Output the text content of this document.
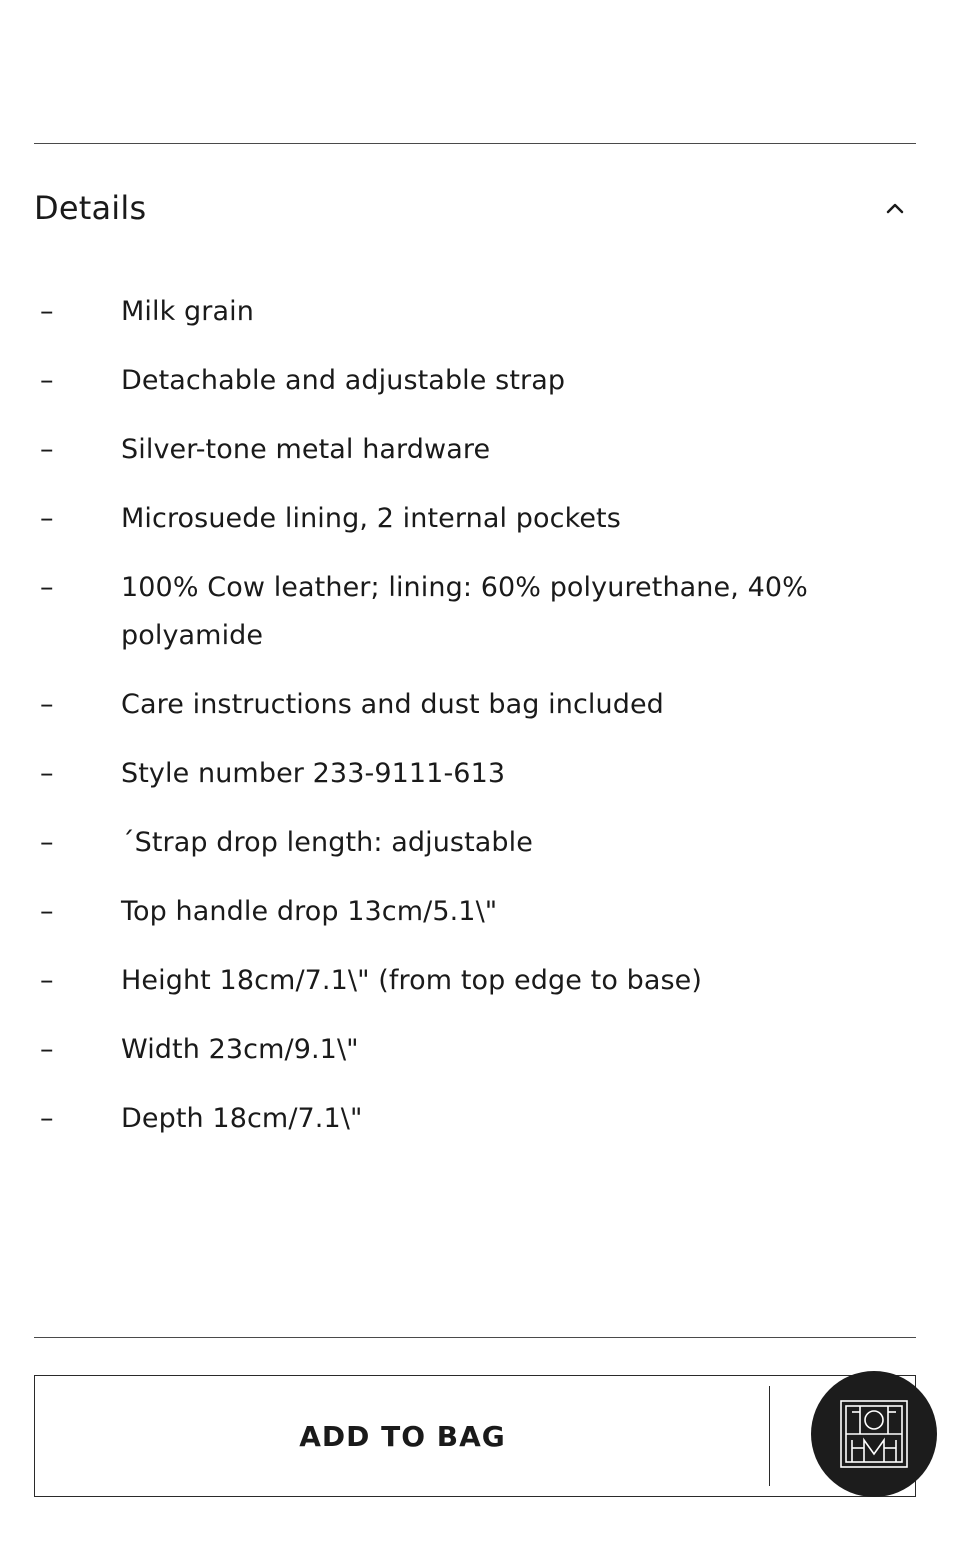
Details
–	Milk grain
–	Detachable and adjustable strap
–	Silver-tone metal hardware
–	Microsuede lining, 2 internal pockets
–	100% Cow leather; lining: 60% polyurethane, 40% polyamide
–	Care instructions and dust bag included
–	Style number 233-9111-613
–	´Strap drop length: adjustable
–	Top handle drop 13cm/5.1\"
–	Height 18cm/7.1\" (from top edge to base)
–	Width 23cm/9.1\"
–	Depth 18cm/7.1\"
ADD TO BAG
